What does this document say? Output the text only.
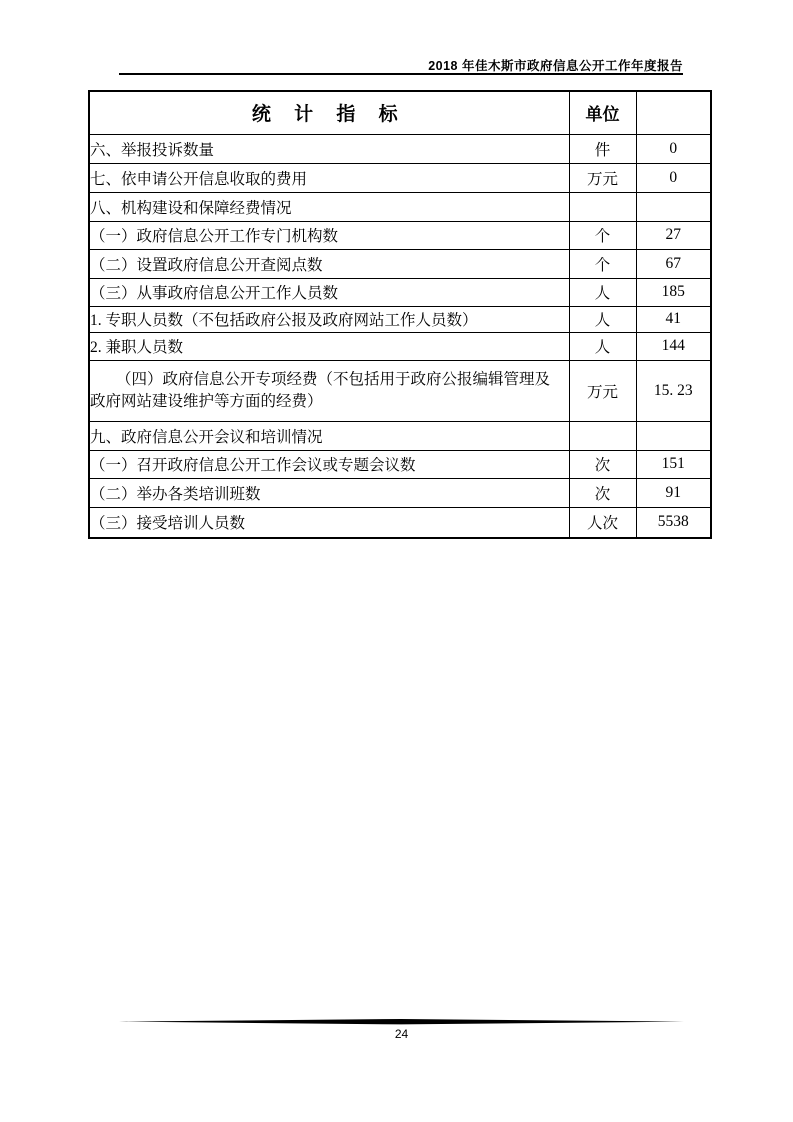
2018 年佳木斯市政府信息公开工作年度报告
统 计 指 标	单位	
六、举报投诉数量	件	0
七、依申请公开信息收取的费用	万元	0
八、机构建设和保障经费情况		
（一）政府信息公开工作专门机构数	个	27
（二）设置政府信息公开查阅点数	个	67
（三）从事政府信息公开工作人员数	人	185
1. 专职人员数（不包括政府公报及政府网站工作人员数）	人	41
2. 兼职人员数	人	144

（四）政府信息公开专项经费（不包括用于政府公报编辑管理及
政府网站建设维护等方面的经费）	万元	15. 23
九、政府信息公开会议和培训情况		
（一）召开政府信息公开工作会议或专题会议数	次	151
（二）举办各类培训班数	次	91
（三）接受培训人员数	人次	5538
24
